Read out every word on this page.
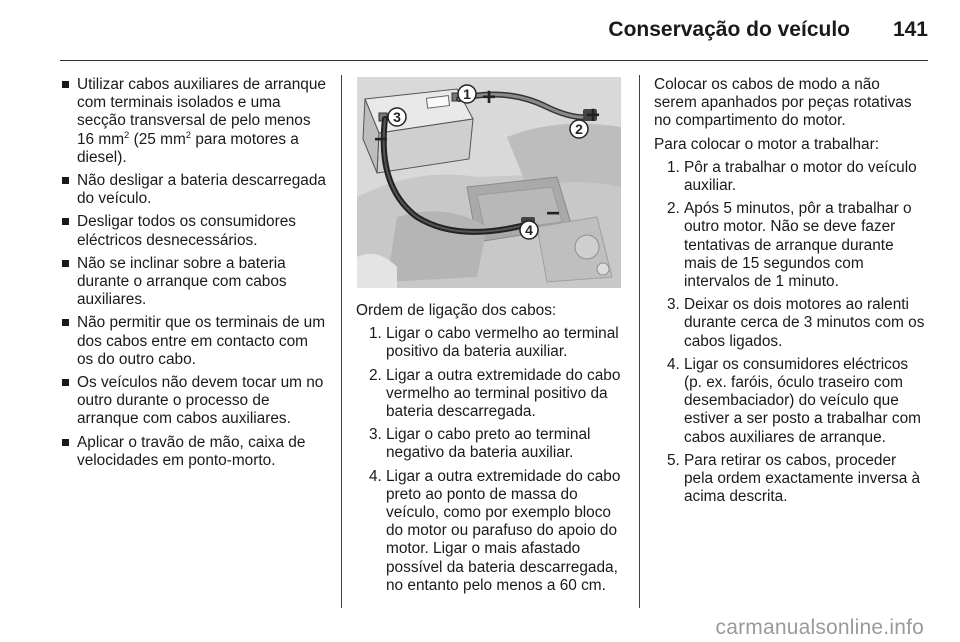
Conservação do veículo 141
Utilizar cabos auxiliares de arranque com terminais isolados e uma secção transversal de pelo menos 16 $mm^2$ (25 $mm^2$ para motores a diesel).
Não desligar a bateria descarregada do veículo.
Desligar todos os consumidores eléctricos desnecessários.
Não se inclinar sobre a bateria durante o arranque com cabos auxiliares.
Não permitir que os terminais de um dos cabos entre em contacto com os do outro cabo.
Os veículos não devem tocar um no outro durante o processo de arranque com cabos auxiliares.
Aplicar o travão de mão, caixa de velocidades em ponto-morto.
1 +
2 +
3
−
4
−

Ordem de ligação dos cabos:

1. Ligar o cabo vermelho ao terminal positivo da bateria auxiliar.
2. Ligar a outra extremidade do cabo vermelho ao terminal positivo da bateria descarregada.
3. Ligar o cabo preto ao terminal negativo da bateria auxiliar.
4. Ligar a outra extremidade do cabo preto ao ponto de massa do veículo, como por exemplo bloco do motor ou parafuso do apoio do motor. Ligar o mais afastado possível da bateria descarregada, no entanto pelo menos a 60 cm.

Colocar os cabos de modo a não serem apanhados por peças rotativas no compartimento do motor.

Para colocar o motor a trabalhar:

1. Pôr a trabalhar o motor do veículo auxiliar.
2. Após 5 minutos, pôr a trabalhar o outro motor. Não se deve fazer tentativas de arranque durante mais de 15 segundos com intervalos de 1 minuto.
3. Deixar os dois motores ao ralenti durante cerca de 3 minutos com os cabos ligados.
4. Ligar os consumidores eléctricos (p. ex. faróis, óculo traseiro com desembaciador) do veículo que estiver a ser posto a trabalhar com cabos auxiliares de arranque.
5. Para retirar os cabos, proceder pela ordem exactamente inversa à acima descrita.
carmanualsonline.info
